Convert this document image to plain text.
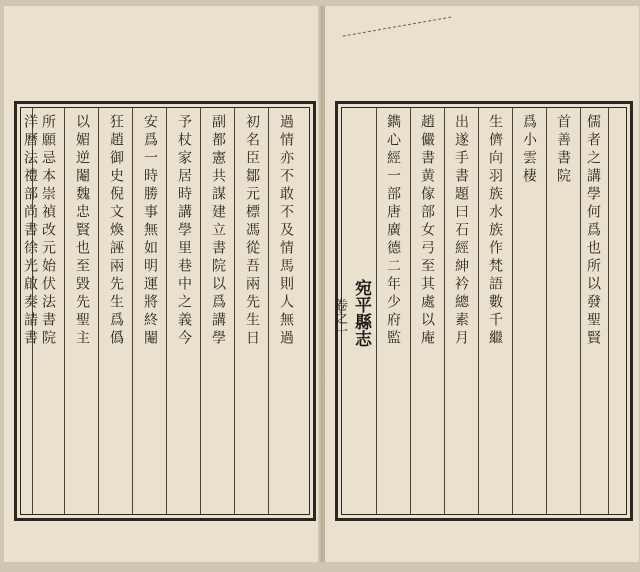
過情亦不敢不及情馬則人無過
初名臣鄒元標馮從吾兩先生日
副都憲共謀建立書院以爲講學
予杖家居時講學里巷中之義今
安爲一時勝事無如明運將終閹
狂趙御史倪文煥誣兩先生爲僞
以媚逆閹魏忠賢也至毀先聖主
所願忌本崇禎改元始伏法書院
洋曆法禮部尚書徐光啟奏請書	宛平縣志
卷之一	鐫心經一部唐廣德二年少府監	趙儼書黄傢部女弓至其處以庵	出遂手書題曰石經紳衿總素月	生儕向羽族水族作梵語數千繼	爲小雲棲	首善書院	儒者之講學何爲也所以發聖賢
